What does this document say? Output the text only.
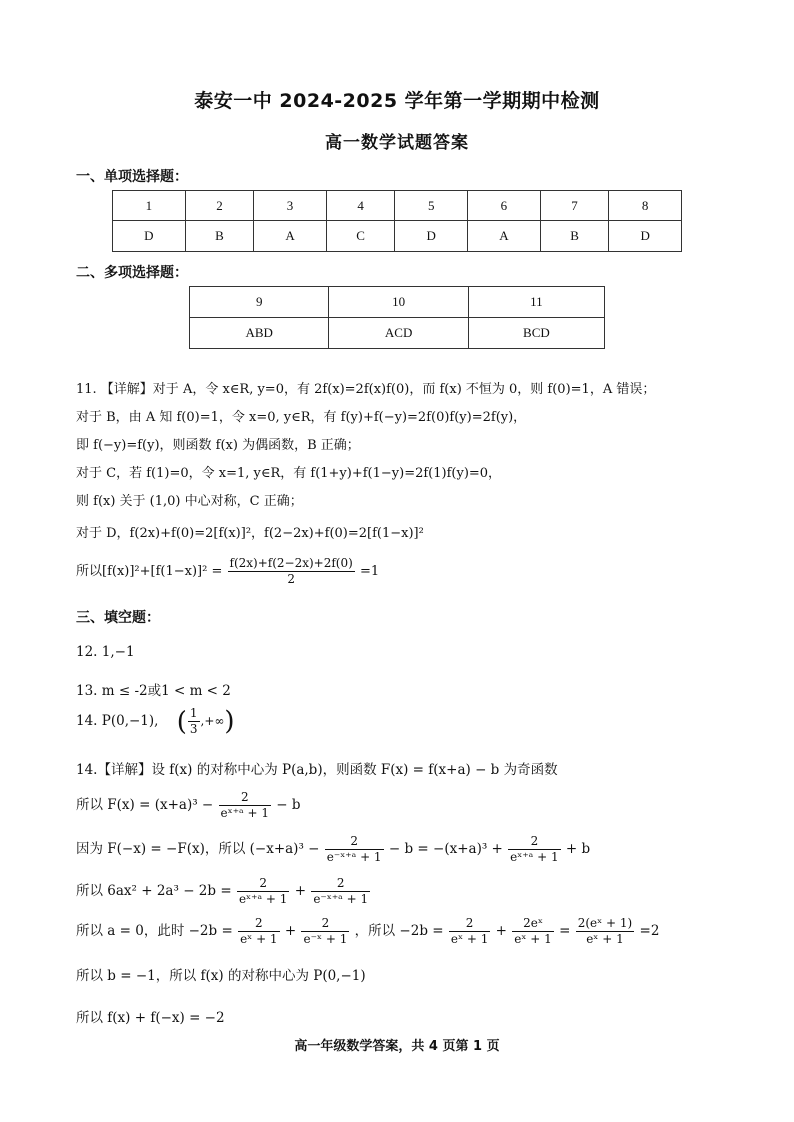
泰安一中 2024-2025 学年第一学期期中检测
高一数学试题答案
一、单项选择题：
1	2	3	4	5	6	7	8
D	B	A	C	D	A	B	D
二、多项选择题：
9	10	11
ABD	ACD	BCD
11. 【详解】对于 A，令 x∈R, y=0，有 2f(x)=2f(x)f(0)，而 f(x) 不恒为 0，则 f(0)=1，A 错误；
对于 B，由 A 知 f(0)=1，令 x=0, y∈R，有 f(y)+f(−y)=2f(0)f(y)=2f(y)，
即 f(−y)=f(y)，则函数 f(x) 为偶函数，B 正确；
对于 C，若 f(1)=0，令 x=1, y∈R，有 f(1+y)+f(1−y)=2f(1)f(y)=0，
则 f(x) 关于 (1,0) 中心对称，C 正确；
对于 D，f(2x)+f(0)=2[f(x)]²，f(2−2x)+f(0)=2[f(1−x)]²
所以$[f(x)]^2+[f(1-x)]^2 = \frac{f(2x)+f(2-2x)+2f(0)}{2} =1$
三、填空题：
12. 1,−1
13. m ≤ -2或1 < m < 2
14. P(0,−1), ( $\frac{1}{3}$ ,+∞)
14.【详解】设 f(x) 的对称中心为 P(a,b)，则函数 F(x) = f(x+a) − b 为奇函数
所以 $F(x) = (x+a)^3 - \frac{2}{\text{eˣ⁺ᵃ + 1}} - b$
因为 F(−x) = −F(x)，所以 $(-x+a)^3 - \frac{2}{\text{e⁻ˣ⁺ᵃ + 1}} - b = -(x+a)^3 + \frac{2}{\text{eˣ⁺ᵃ + 1}} + b$
所以 $6ax^2 + 2a^3 - 2b = \frac{2}{\text{eˣ⁺ᵃ + 1}} + \frac{2}{\text{e⁻ˣ⁺ᵃ + 1}}$
所以 a = 0，此时 $-2b = \frac{2}{\text{eˣ + 1}} + \frac{2}{\text{e⁻ˣ + 1}}$ ，所以 $-2b = \frac{2}{\text{eˣ + 1}} + \frac{\text{2eˣ}}{\text{eˣ + 1}} = \frac{\text{2(eˣ + 1)}}{\text{eˣ + 1}} =2$
所以 b = −1，所以 f(x) 的对称中心为 P(0,−1)
所以 f(x) + f(−x) = −2
高一年级数学答案，共 4 页第 1 页
